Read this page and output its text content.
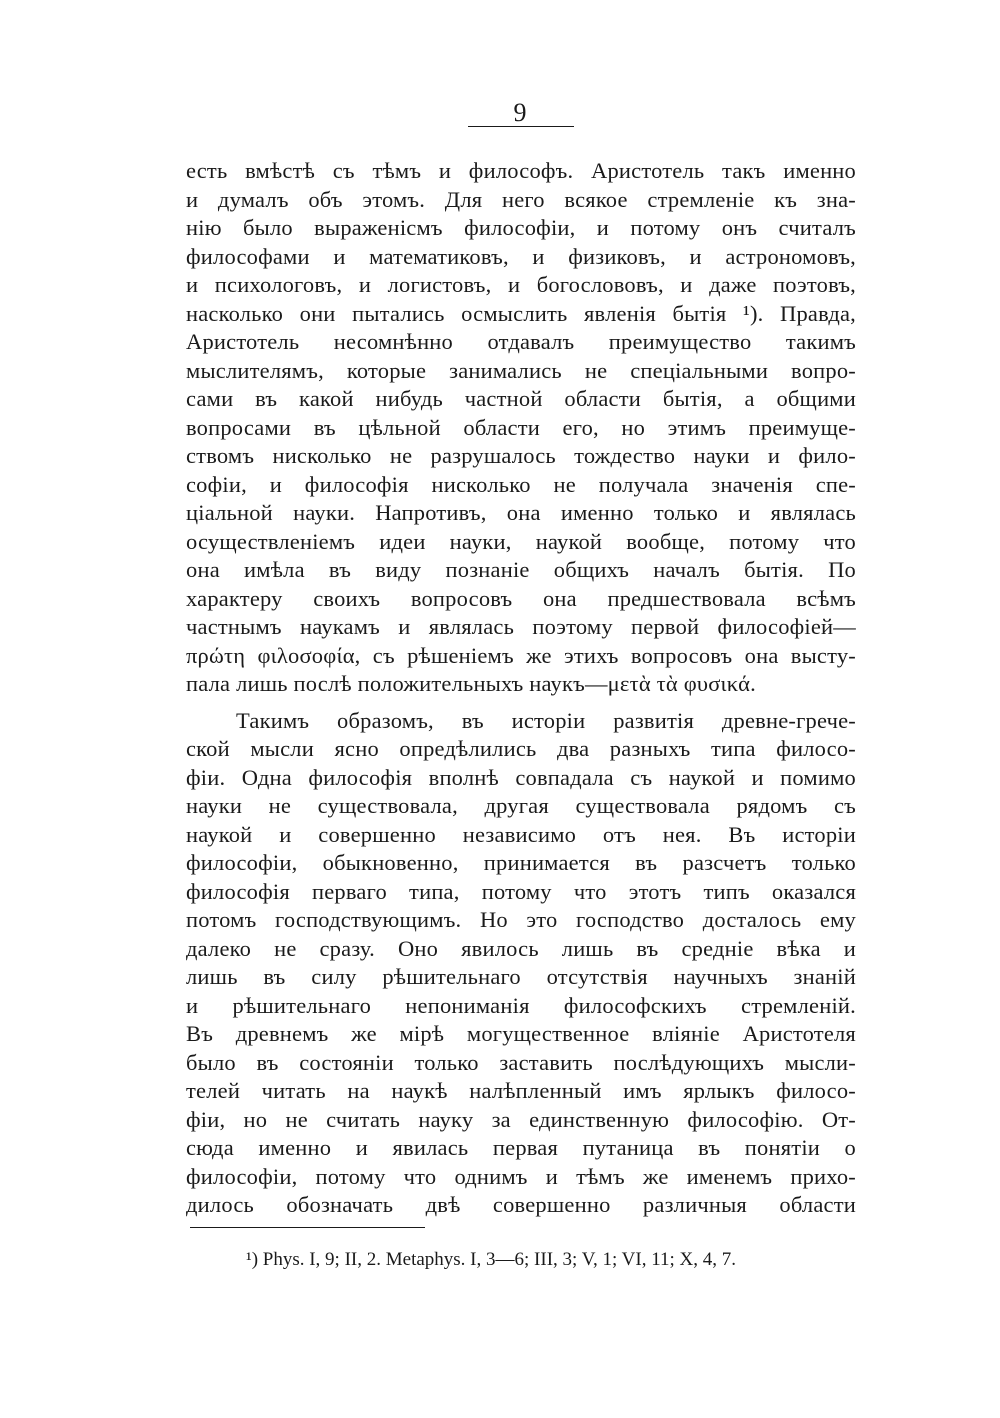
9
есть вмѣстѣ съ тѣмъ и философъ. Аристотель такъ именно
и думалъ объ этомъ. Для него всякое стремленіе къ зна-
нію было выраженісмъ философіи, и потому онъ считалъ
философами и математиковъ, и физиковъ, и астрономовъ,
и психологовъ, и логистовъ, и богослововъ, и даже поэтовъ,
насколько они пытались осмыслить явленія бытія ¹). Правда,
Аристотель несомнѣнно отдавалъ преимущество такимъ
мыслителямъ, которые занимались не спеціальными вопро-
сами въ какой нибудь частной области бытія, а общими
вопросами въ цѣльной области его, но этимъ преимуще-
ствомъ нисколько не разрушалось тождество науки и фило-
софіи, и философія нисколько не получала значенія спе-
ціальной науки. Напротивъ, она именно только и являлась
осуществленіемъ идеи науки, наукой вообще, потому что
она имѣла въ виду познаніе общихъ началъ бытія. По
характеру своихъ вопросовъ она предшествовала всѣмъ
частнымъ наукамъ и являлась поэтому первой философіей—
πρώτη φιλοσοφία, съ рѣшеніемъ же этихъ вопросовъ она высту-
пала лишь послѣ положительныхъ наукъ—μετὰ τὰ φυσικά.
Такимъ образомъ, въ исторіи развитія древне-грече-
ской мысли ясно опредѣлились два разныхъ типа филосо-
фіи. Одна философія вполнѣ совпадала съ наукой и помимо
науки не существовала, другая существовала рядомъ съ
наукой и совершенно независимо отъ нея. Въ исторіи
философіи, обыкновенно, принимается въ разсчетъ только
философія перваго типа, потому что этотъ типъ оказался
потомъ господствующимъ. Но это господство досталось ему
далеко не сразу. Оно явилось лишь въ средніе вѣка и
лишь въ силу рѣшительнаго отсутствія научныхъ знаній
и рѣшительнаго непониманія философскихъ стремленій.
Въ древнемъ же мірѣ могущественное вліяніе Аристотеля
было въ состояніи только заставить послѣдующихъ мысли-
телей читать на наукѣ налѣпленный имъ ярлыкъ филосо-
фіи, но не считать науку за единственную философію. От-
сюда именно и явилась первая путаница въ понятіи о
философіи, потому что однимъ и тѣмъ же именемъ прихо-
дилось обозначать двѣ совершенно различныя области
¹) Phys. I, 9; II, 2. Metaphys. I, 3—6; III, 3; V, 1; VI, 11; X, 4, 7.
